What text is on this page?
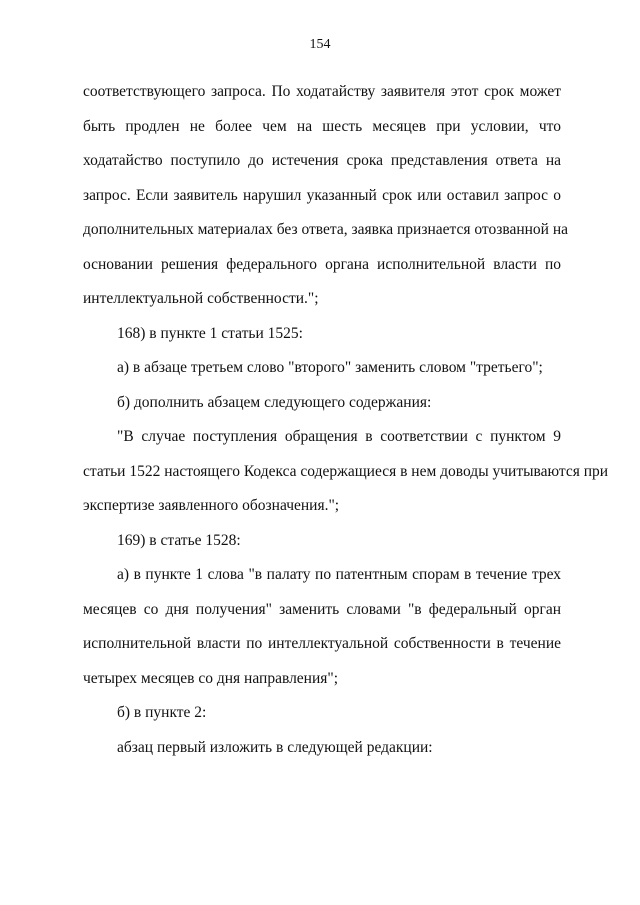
154
соответствующего запроса. По ходатайству заявителя этот срок может
быть продлен не более чем на шесть месяцев при условии, что
ходатайство поступило до истечения срока представления ответа на
запрос. Если заявитель нарушил указанный срок или оставил запрос о
дополнительных материалах без ответа, заявка признается отозванной на
основании решения федерального органа исполнительной власти по
интеллектуальной собственности.";
168) в пункте 1 статьи 1525:
а) в абзаце третьем слово "второго" заменить словом "третьего";
б) дополнить абзацем следующего содержания:
"В случае поступления обращения в соответствии с пунктом 9
статьи 1522 настоящего Кодекса содержащиеся в нем доводы учитываются при
экспертизе заявленного обозначения.";
169) в статье 1528:
а) в пункте 1 слова "в палату по патентным спорам в течение трех
месяцев со дня получения" заменить словами "в федеральный орган
исполнительной власти по интеллектуальной собственности в течение
четырех месяцев со дня направления";
б) в пункте 2:
абзац первый изложить в следующей редакции:
